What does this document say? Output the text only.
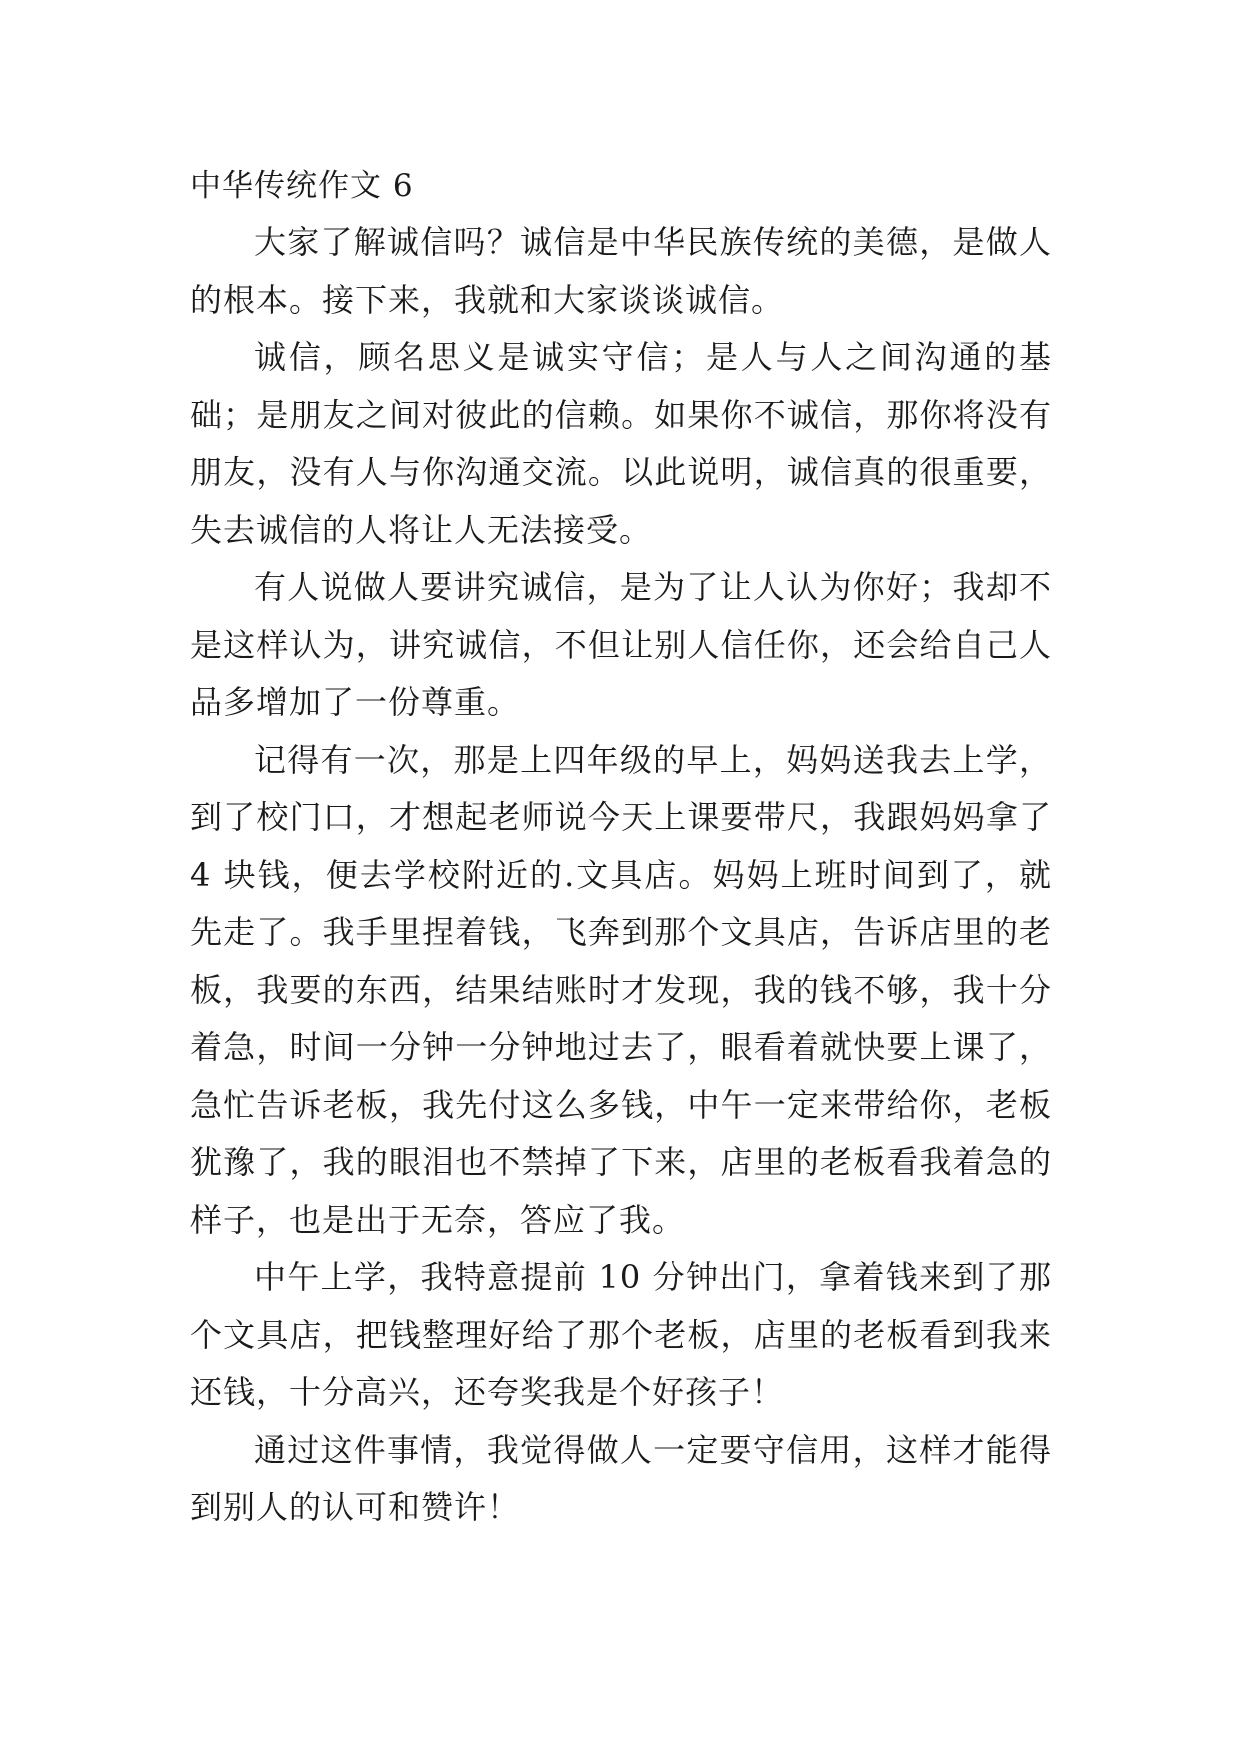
中华传统作文 6

大家了解诚信吗？诚信是中华民族传统的美德，是做人的根本。接下来，我就和大家谈谈诚信。

诚信，顾名思义是诚实守信；是人与人之间沟通的基础；是朋友之间对彼此的信赖。如果你不诚信，那你将没有朋友，没有人与你沟通交流。以此说明，诚信真的很重要，失去诚信的人将让人无法接受。

有人说做人要讲究诚信，是为了让人认为你好；我却不是这样认为，讲究诚信，不但让别人信任你，还会给自己人品多增加了一份尊重。

记得有一次，那是上四年级的早上，妈妈送我去上学，到了校门口，才想起老师说今天上课要带尺，我跟妈妈拿了 4 块钱，便去学校附近的.文具店。妈妈上班时间到了，就先走了。我手里捏着钱，飞奔到那个文具店，告诉店里的老板，我要的东西，结果结账时才发现，我的钱不够，我十分着急，时间一分钟一分钟地过去了，眼看着就快要上课了，急忙告诉老板，我先付这么多钱，中午一定来带给你，老板犹豫了，我的眼泪也不禁掉了下来，店里的老板看我着急的样子，也是出于无奈，答应了我。

中午上学，我特意提前 10 分钟出门，拿着钱来到了那个文具店，把钱整理好给了那个老板，店里的老板看到我来还钱，十分高兴，还夸奖我是个好孩子！

通过这件事情，我觉得做人一定要守信用，这样才能得到别人的认可和赞许！
